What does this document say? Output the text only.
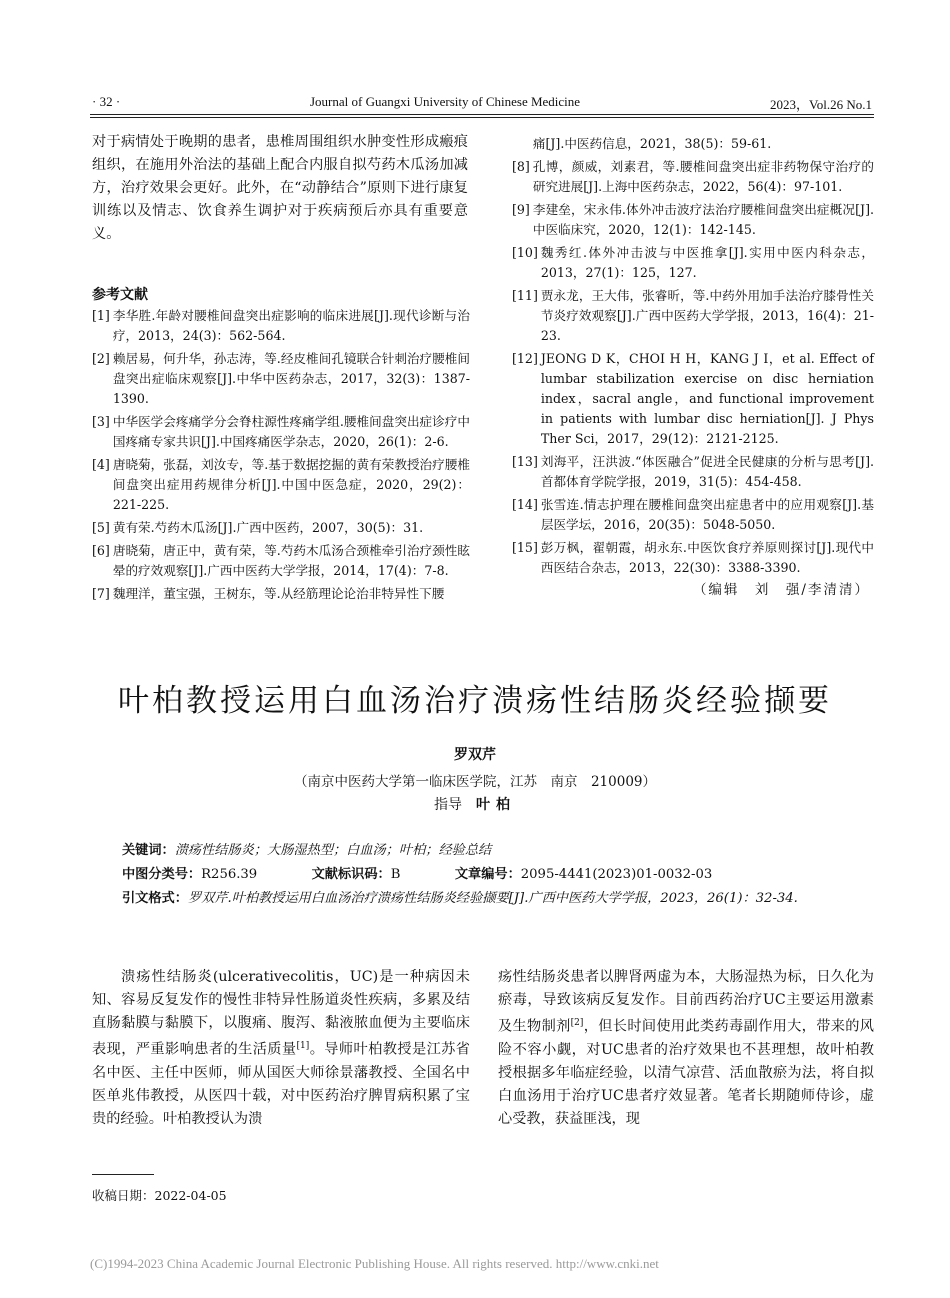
· 32 ·	Journal of Guangxi University of Chinese Medicine	2023，Vol.26 No.1

对于病情处于晚期的患者，患椎周围组织水肿变性形成瘢痕组织，在施用外治法的基础上配合内服自拟芍药木瓜汤加减方，治疗效果会更好。此外，在“动静结合”原则下进行康复训练以及情志、饮食养生调护对于疾病预后亦具有重要意义。

参考文献
[1] 李华胜.年龄对腰椎间盘突出症影响的临床进展[J].现代诊断与治疗，2013，24(3)：562-564.
[2] 赖居易，何升华，孙志涛，等.经皮椎间孔镜联合针刺治疗腰椎间盘突出症临床观察[J].中华中医药杂志，2017，32(3)：1387-1390.
[3] 中华医学会疼痛学分会脊柱源性疼痛学组.腰椎间盘突出症诊疗中国疼痛专家共识[J].中国疼痛医学杂志，2020，26(1)：2-6.
[4] 唐晓菊，张磊，刘汝专，等.基于数据挖掘的黄有荣教授治疗腰椎间盘突出症用药规律分析[J].中国中医急症，2020，29(2)：221-225.
[5] 黄有荣.芍药木瓜汤[J].广西中医药，2007，30(5)：31.
[6] 唐晓菊，唐正中，黄有荣，等.芍药木瓜汤合颈椎牵引治疗颈性眩晕的疗效观察[J].广西中医药大学学报，2014，17(4)：7-8.
[7] 魏理洋，董宝强，王树东，等.从经筋理论论治非特异性下腰
痛[J].中医药信息，2021，38(5)：59-61.
[8] 孔博，颜威，刘素君，等.腰椎间盘突出症非药物保守治疗的研究进展[J].上海中医药杂志，2022，56(4)：97-101.
[9] 李建垒，宋永伟.体外冲击波疗法治疗腰椎间盘突出症概况[J].中医临床究，2020，12(1)：142-145.
[10] 魏秀红.体外冲击波与中医推拿[J].实用中医内科杂志，2013，27(1)：125，127.
[11] 贾永龙，王大伟，张睿昕，等.中药外用加手法治疗膝骨性关节炎疗效观察[J].广西中医药大学学报，2013，16(4)：21-23.
[12] JEONG D K，CHOI H H，KANG J I，et al. Effect of lumbar stabilization exercise on disc herniation index，sacral angle，and functional improvement in patients with lumbar disc herniation[J]. J Phys Ther Sci，2017，29(12)：2121-2125.
[13] 刘海平，汪洪波.“体医融合”促进全民健康的分析与思考[J].首都体育学院学报，2019，31(5)：454-458.
[14] 张雪连.情志护理在腰椎间盘突出症患者中的应用观察[J].基层医学坛，2016，20(35)：5048-5050.
[15] 彭万枫，翟朝霞，胡永东.中医饮食疗养原则探讨[J].现代中西医结合杂志，2013，22(30)：3388-3390.
（编辑　刘　强/李清清）
叶柏教授运用白血汤治疗溃疡性结肠炎经验撷要
罗双芹
（南京中医药大学第一临床医学院，江苏　南京　210009）
指导 叶柏
关键词：溃疡性结肠炎；大肠湿热型；白血汤；叶柏；经验总结
中图分类号：R256.39	文献标识码：B	文章编号：2095-4441(2023)01-0032-03
引文格式：罗双芹.叶柏教授运用白血汤治疗溃疡性结肠炎经验撷要[J].广西中医药大学学报，2023，26(1)：32-34.

溃疡性结肠炎(ulcerativecolitis，UC)是一种病因未知、容易反复发作的慢性非特异性肠道炎性疾病，多累及结直肠黏膜与黏膜下，以腹痛、腹泻、黏液脓血便为主要临床表现，严重影响患者的生活质量[1]。导师叶柏教授是江苏省名中医、主任中医师，师从国医大师徐景藩教授、全国名中医单兆伟教授，从医四十载，对中医药治疗脾胃病积累了宝贵的经验。叶柏教授认为溃

疡性结肠炎患者以脾肾两虚为本，大肠湿热为标，日久化为瘀毒，导致该病反复发作。目前西药治疗UC主要运用激素及生物制剂[2]，但长时间使用此类药毒副作用大，带来的风险不容小觑，对UC患者的治疗效果也不甚理想，故叶柏教授根据多年临症经验，以清气凉营、活血散瘀为法，将自拟白血汤用于治疗UC患者疗效显著。笔者长期随师侍诊，虚心受教，获益匪浅，现

收稿日期：2022-04-05
(C)1994-2023 China Academic Journal Electronic Publishing House. All rights reserved. http://www.cnki.net
